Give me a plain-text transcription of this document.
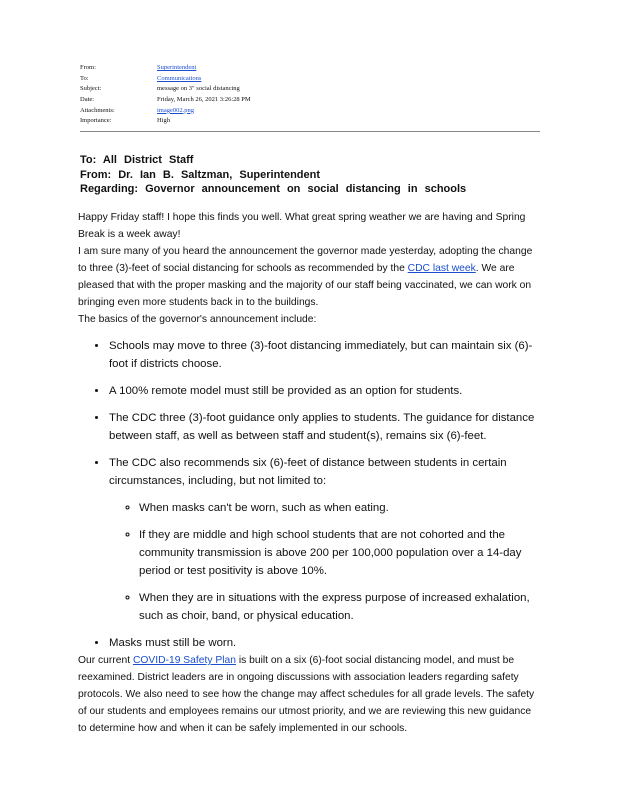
From:	Superintendent
To:	Communications
Subject:	message on 3" social distancing
Date:	Friday, March 26, 2021 3:26:28 PM
Attachments:	image002.png
Importance:	High
To: All District Staff
From: Dr. Ian B. Saltzman, Superintendent
Regarding: Governor announcement on social distancing in schools

Happy Friday staff! I hope this finds you well. What great spring weather we are having and Spring Break is a week away!

I am sure many of you heard the announcement the governor made yesterday, adopting the change to three (3)-feet of social distancing for schools as recommended by the CDC last week. We are pleased that with the proper masking and the majority of our staff being vaccinated, we can work on bringing even more students back in to the buildings.

The basics of the governor's announcement include:

• Schools may move to three (3)-foot distancing immediately, but can maintain six (6)-foot if districts choose.
• A 100% remote model must still be provided as an option for students.
• The CDC three (3)-foot guidance only applies to students. The guidance for distance between staff, as well as between staff and student(s), remains six (6)-feet.
• The CDC also recommends six (6)-feet of distance between students in certain circumstances, including, but not limited to:
◦ When masks can't be worn, such as when eating.
◦ If they are middle and high school students that are not cohorted and the community transmission is above 200 per 100,000 population over a 14-day period or test positivity is above 10%.
◦ When they are in situations with the express purpose of increased exhalation, such as choir, band, or physical education.
• Masks must still be worn.

Our current COVID-19 Safety Plan is built on a six (6)-foot social distancing model, and must be reexamined. District leaders are in ongoing discussions with association leaders regarding safety protocols. We also need to see how the change may affect schedules for all grade levels. The safety of our students and employees remains our utmost priority, and we are reviewing this new guidance to determine how and when it can be safely implemented in our schools.
